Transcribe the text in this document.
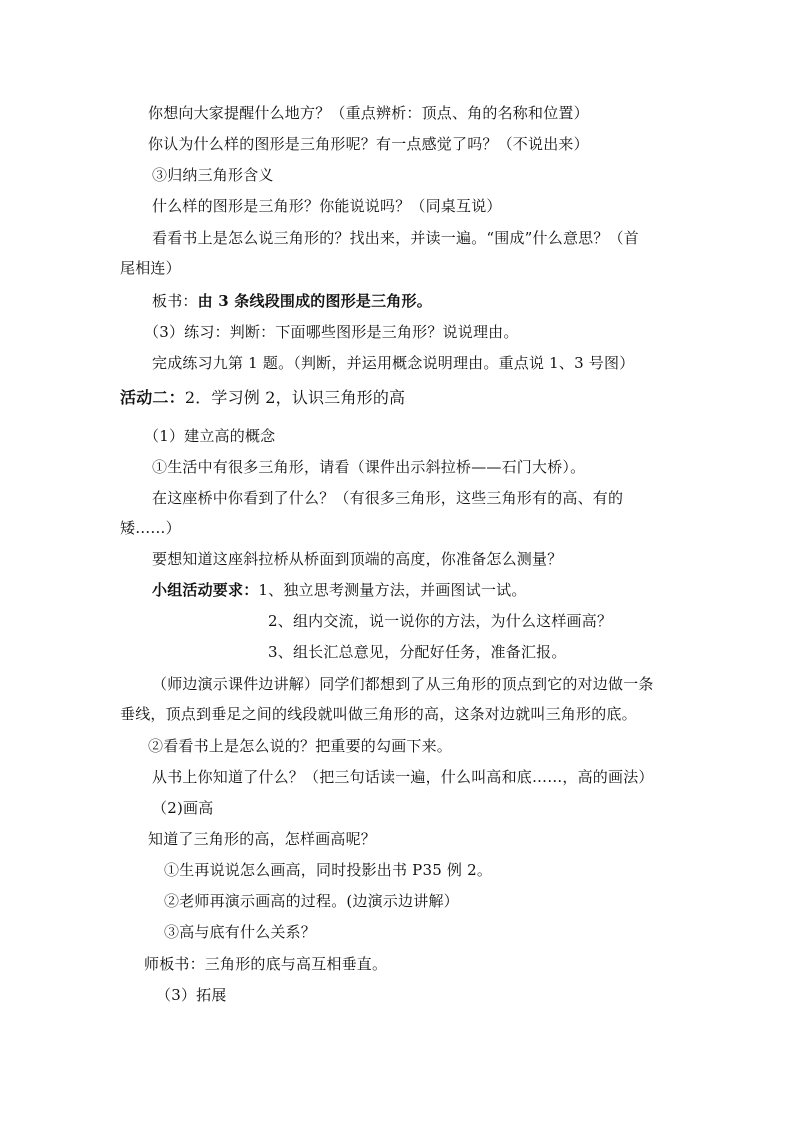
你想向大家提醒什么地方？（重点辨析：顶点、角的名称和位置）
你认为什么样的图形是三角形呢？有一点感觉了吗？（不说出来）
③归纳三角形含义
什么样的图形是三角形？你能说说吗？（同桌互说）
看看书上是怎么说三角形的？找出来，并读一遍。“围成”什么意思？（首
尾相连）
板书：由 3 条线段围成的图形是三角形。
（3）练习：判断：下面哪些图形是三角形？说说理由。
完成练习九第 1 题。（判断，并运用概念说明理由。重点说 1、3 号图）
活动二：2．学习例 2，认识三角形的高
（1）建立高的概念
①生活中有很多三角形，请看（课件出示斜拉桥——石门大桥）。
在这座桥中你看到了什么？（有很多三角形，这些三角形有的高、有的
矮……）
要想知道这座斜拉桥从桥面到顶端的高度，你准备怎么测量？
小组活动要求：1、独立思考测量方法，并画图试一试。
2、组内交流，说一说你的方法，为什么这样画高？
3、组长汇总意见，分配好任务，准备汇报。
（师边演示课件边讲解）同学们都想到了从三角形的顶点到它的对边做一条
垂线，顶点到垂足之间的线段就叫做三角形的高，这条对边就叫三角形的底。
②看看书上是怎么说的？把重要的勾画下来。
从书上你知道了什么？（把三句话读一遍，什么叫高和底……，高的画法）
（2)画高
知道了三角形的高，怎样画高呢？
①生再说说怎么画高，同时投影出书 P35 例 2。
②老师再演示画高的过程。(边演示边讲解）
③高与底有什么关系？
师板书：三角形的底与高互相垂直。
（3）拓展
